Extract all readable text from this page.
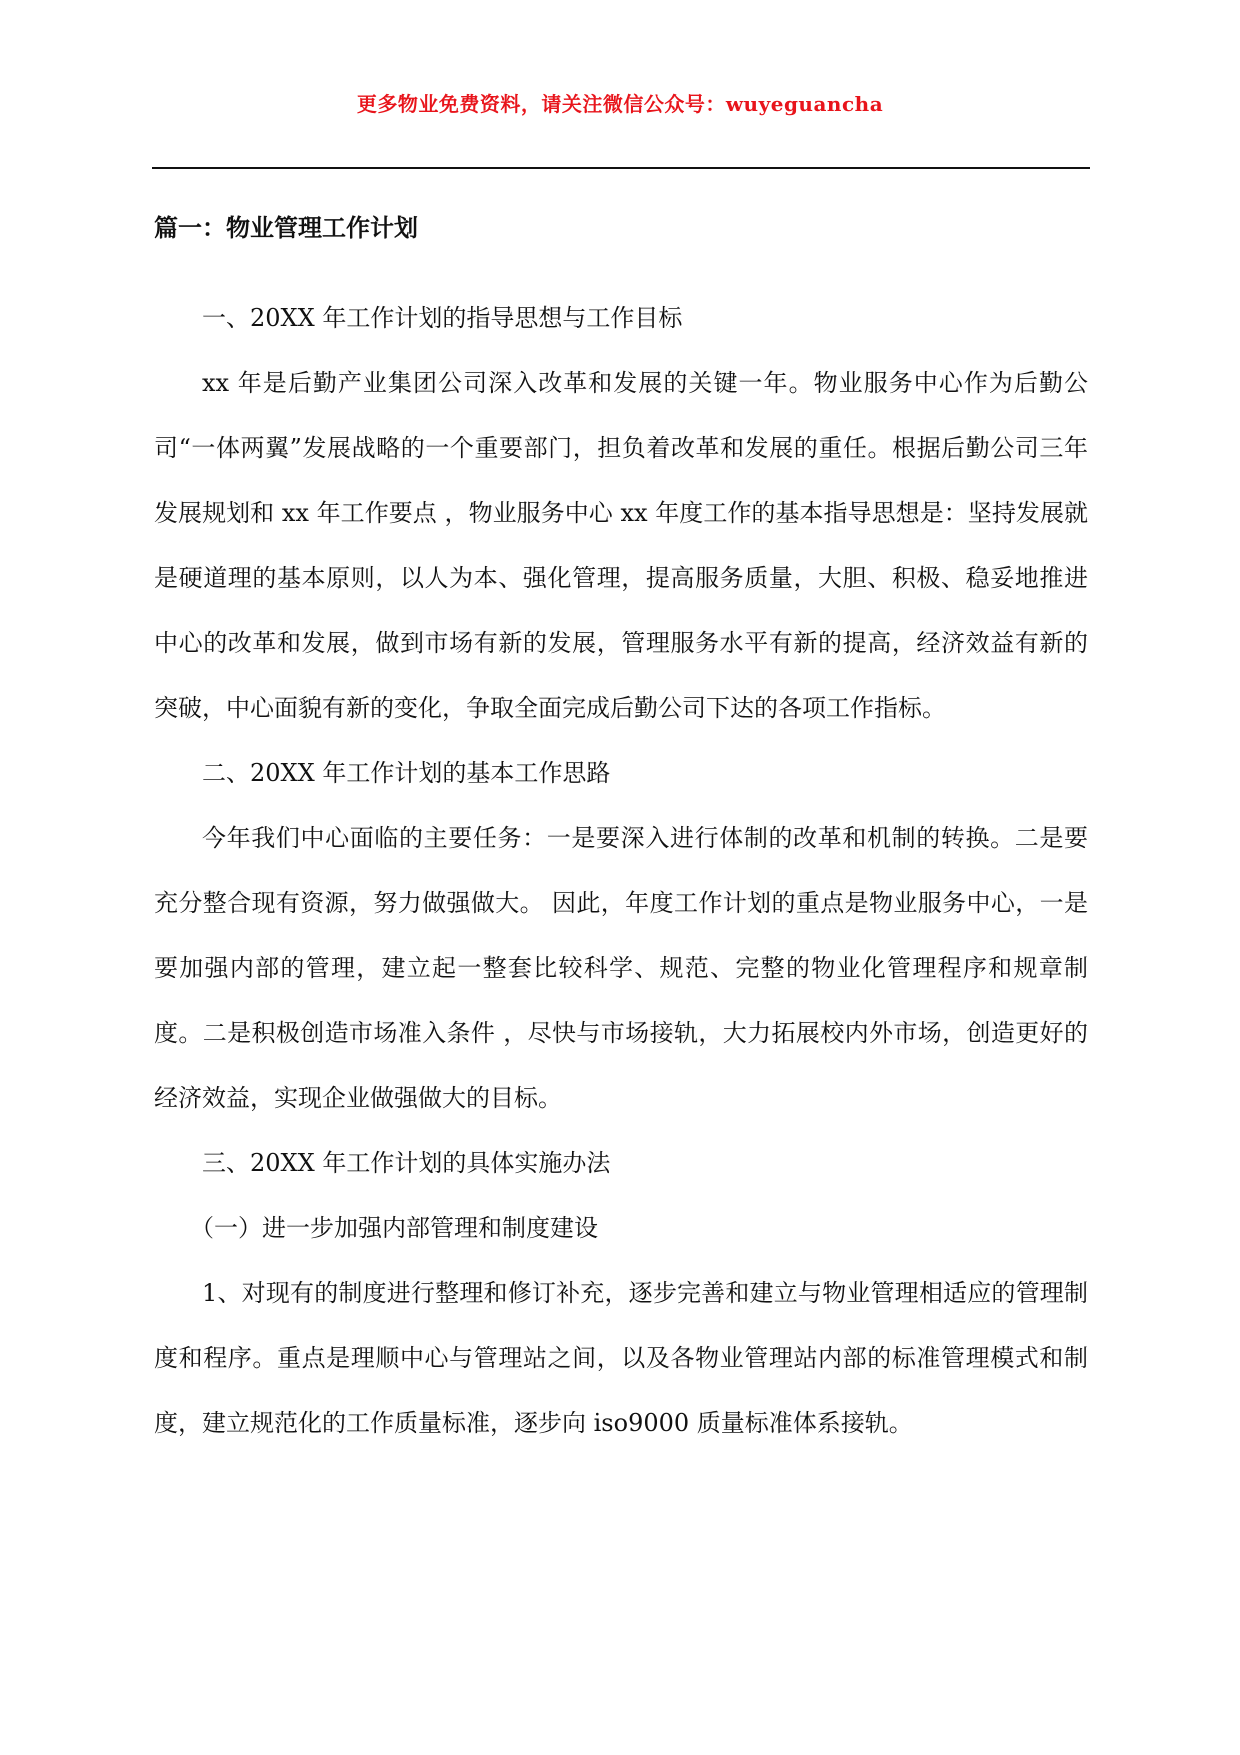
更多物业免费资料，请关注微信公众号：wuyeguancha
篇一：物业管理工作计划

一、20XX 年工作计划的指导思想与工作目标

xx 年是后勤产业集团公司深入改革和发展的关键一年。物业服务中心作为后勤公司“一体两翼”发展战略的一个重要部门，担负着改革和发展的重任。根据后勤公司三年发展规划和 xx 年工作要点 ，物业服务中心 xx 年度工作的基本指导思想是：坚持发展就是硬道理的基本原则，以人为本、强化管理，提高服务质量，大胆、积极、稳妥地推进中心的改革和发展，做到市场有新的发展，管理服务水平有新的提高，经济效益有新的突破，中心面貌有新的变化，争取全面完成后勤公司下达的各项工作指标。

二、20XX 年工作计划的基本工作思路

今年我们中心面临的主要任务：一是要深入进行体制的改革和机制的转换。二是要充分整合现有资源，努力做强做大。 因此，年度工作计划的重点是物业服务中心，一是要加强内部的管理，建立起一整套比较科学、规范、完整的物业化管理程序和规章制度。二是积极创造市场准入条件 ，尽快与市场接轨，大力拓展校内外市场，创造更好的经济效益，实现企业做强做大的目标。

三、20XX 年工作计划的具体实施办法

（一）进一步加强内部管理和制度建设

1、对现有的制度进行整理和修订补充，逐步完善和建立与物业管理相适应的管理制度和程序。重点是理顺中心与管理站之间，以及各物业管理站内部的标准管理模式和制度，建立规范化的工作质量标准，逐步向 iso9000 质量标准体系接轨。
